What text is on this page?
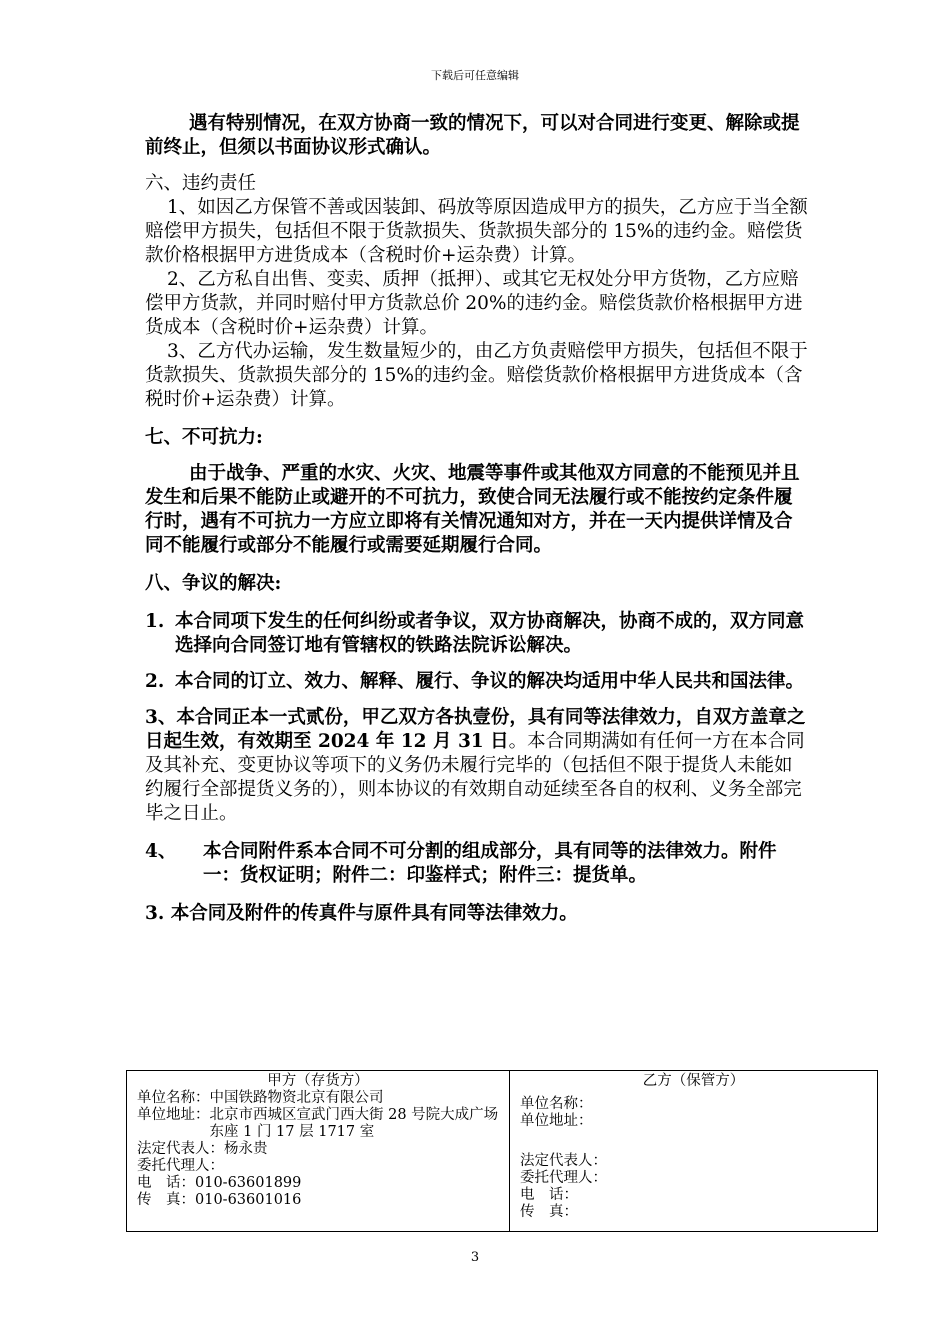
下载后可任意编辑

遇有特别情况，在双方协商一致的情况下，可以对合同进行变更、解除或提前终止，但须以书面协议形式确认。

六、违约责任

1、如因乙方保管不善或因装卸、码放等原因造成甲方的损失，乙方应于当全额赔偿甲方损失，包括但不限于货款损失、货款损失部分的 15%的违约金。赔偿货款价格根据甲方进货成本（含税时价+运杂费）计算。

2、乙方私自出售、变卖、质押（抵押）、或其它无权处分甲方货物，乙方应赔偿甲方货款，并同时赔付甲方货款总价 20%的违约金。赔偿货款价格根据甲方进货成本（含税时价+运杂费）计算。

3、乙方代办运输，发生数量短少的，由乙方负责赔偿甲方损失，包括但不限于货款损失、货款损失部分的 15%的违约金。赔偿货款价格根据甲方进货成本（含税时价+运杂费）计算。

七、不可抗力:

由于战争、严重的水灾、火灾、地震等事件或其他双方同意的不能预见并且发生和后果不能防止或避开的不可抗力，致使合同无法履行或不能按约定条件履行时，遇有不可抗力一方应立即将有关情况通知对方，并在一天内提供详情及合同不能履行或部分不能履行或需要延期履行合同。

八、争议的解决:

1. 本合同项下发生的任何纠纷或者争议，双方协商解决，协商不成的，双方同意选择向合同签订地有管辖权的铁路法院诉讼解决。
2. 本合同的订立、效力、解释、履行、争议的解决均适用中华人民共和国法律。

3、本合同正本一式贰份，甲乙双方各执壹份，具有同等法律效力，自双方盖章之日起生效，有效期至 2024 年 12 月 31 日。本合同期满如有任何一方在本合同及其补充、变更协议等项下的义务仍未履行完毕的（包括但不限于提货人未能如约履行全部提货义务的），则本协议的有效期自动延续至各自的权利、义务全部完毕之日止。

4、	本合同附件系本合同不可分割的组成部分，具有同等的法律效力。附件一：货权证明；附件二：印鉴样式；附件三：提货单。

3. 本合同及附件的传真件与原件具有同等法律效力。

甲方（存货方）
单位名称： 中国铁路物资北京有限公司
单位地址： 北京市西城区宣武门西大街 28 号院大成广场东座 1 门 17 层 1717 室
法定代表人： 杨永贵
委托代理人：
电　话： 010-63601899
传　真： 010-63601016
乙方（保管方）
单位名称：
单位地址：
法定代表人：
委托代理人：
电　话：
传　真：
3
